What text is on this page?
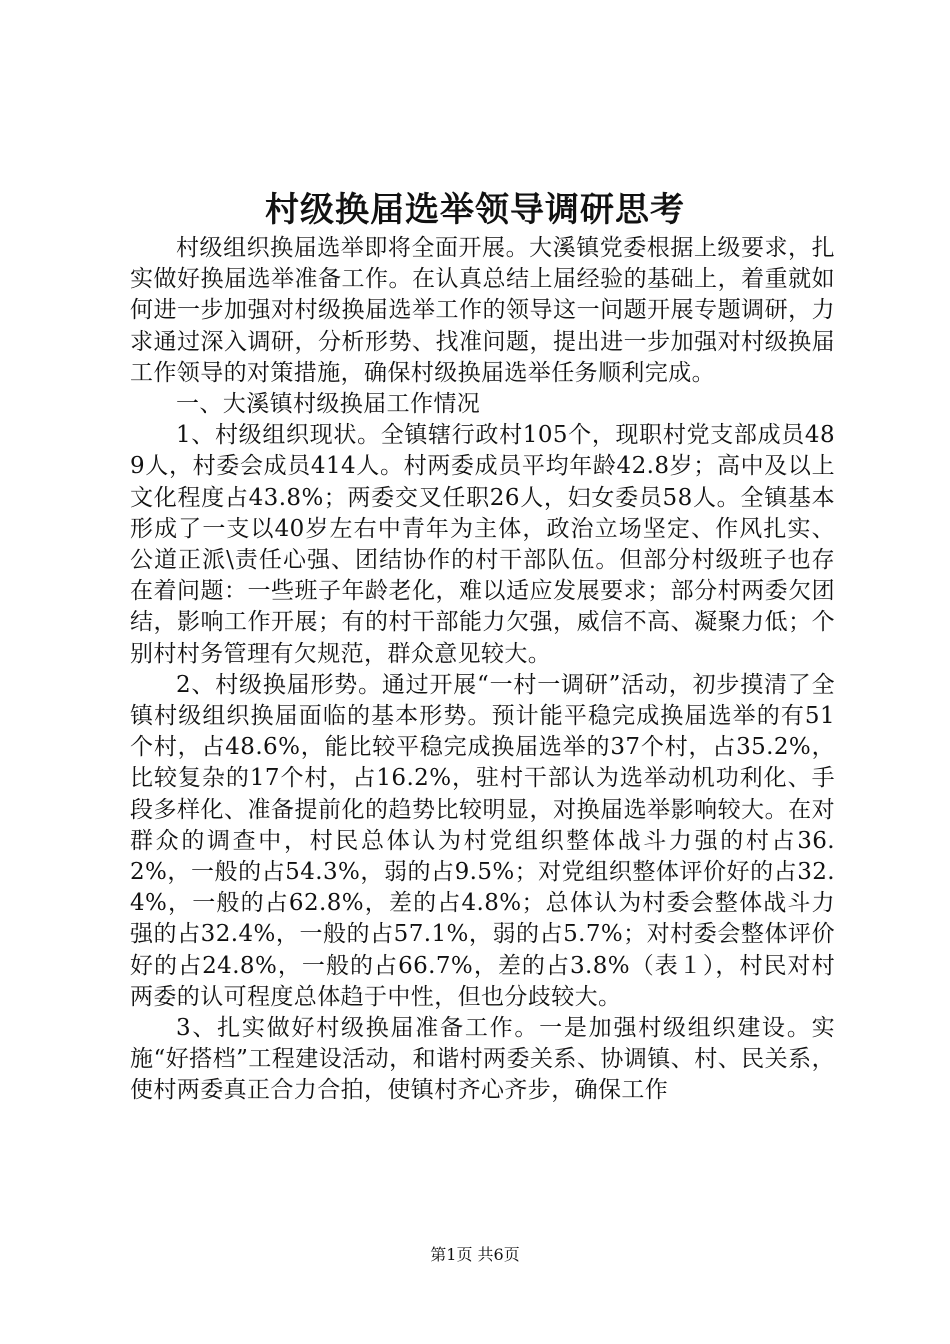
村级换届选举领导调研思考

村级组织换届选举即将全面开展。大溪镇党委根据上级要求，扎实做好换届选举准备工作。在认真总结上届经验的基础上，着重就如何进一步加强对村级换届选举工作的领导这一问题开展专题调研，力求通过深入调研，分析形势、找准问题，提出进一步加强对村级换届工作领导的对策措施，确保村级换届选举任务顺利完成。

一、大溪镇村级换届工作情况

1、村级组织现状。全镇辖行政村105个，现职村党支部成员489人，村委会成员414人。村两委成员平均年龄42.8岁；高中及以上文化程度占43.8%；两委交叉任职26人，妇女委员58人。全镇基本形成了一支以40岁左右中青年为主体，政治立场坚定、作风扎实、公道正派\责任心强、团结协作的村干部队伍。但部分村级班子也存在着问题：一些班子年龄老化，难以适应发展要求；部分村两委欠团结，影响工作开展；有的村干部能力欠强，威信不高、凝聚力低；个别村村务管理有欠规范，群众意见较大。

2、村级换届形势。通过开展“一村一调研”活动，初步摸清了全镇村级组织换届面临的基本形势。预计能平稳完成换届选举的有51个村，占48.6%，能比较平稳完成换届选举的37个村，占35.2%，比较复杂的17个村，占16.2%，驻村干部认为选举动机功利化、手段多样化、准备提前化的趋势比较明显，对换届选举影响较大。在对群众的调查中，村民总体认为村党组织整体战斗力强的村占36.2%，一般的占54.3%，弱的占9.5%；对党组织整体评价好的占32.4%，一般的占62.8%，差的占4.8%；总体认为村委会整体战斗力强的占32.4%，一般的占57.1%，弱的占5.7%；对村委会整体评价好的占24.8%，一般的占66.7%，差的占3.8%（表１），村民对村两委的认可程度总体趋于中性，但也分歧较大。

3、扎实做好村级换届准备工作。一是加强村级组织建设。实施“好搭档”工程建设活动，和谐村两委关系、协调镇、村、民关系，使村两委真正合力合拍，使镇村齐心齐步，确保工作

第1页 共6页
